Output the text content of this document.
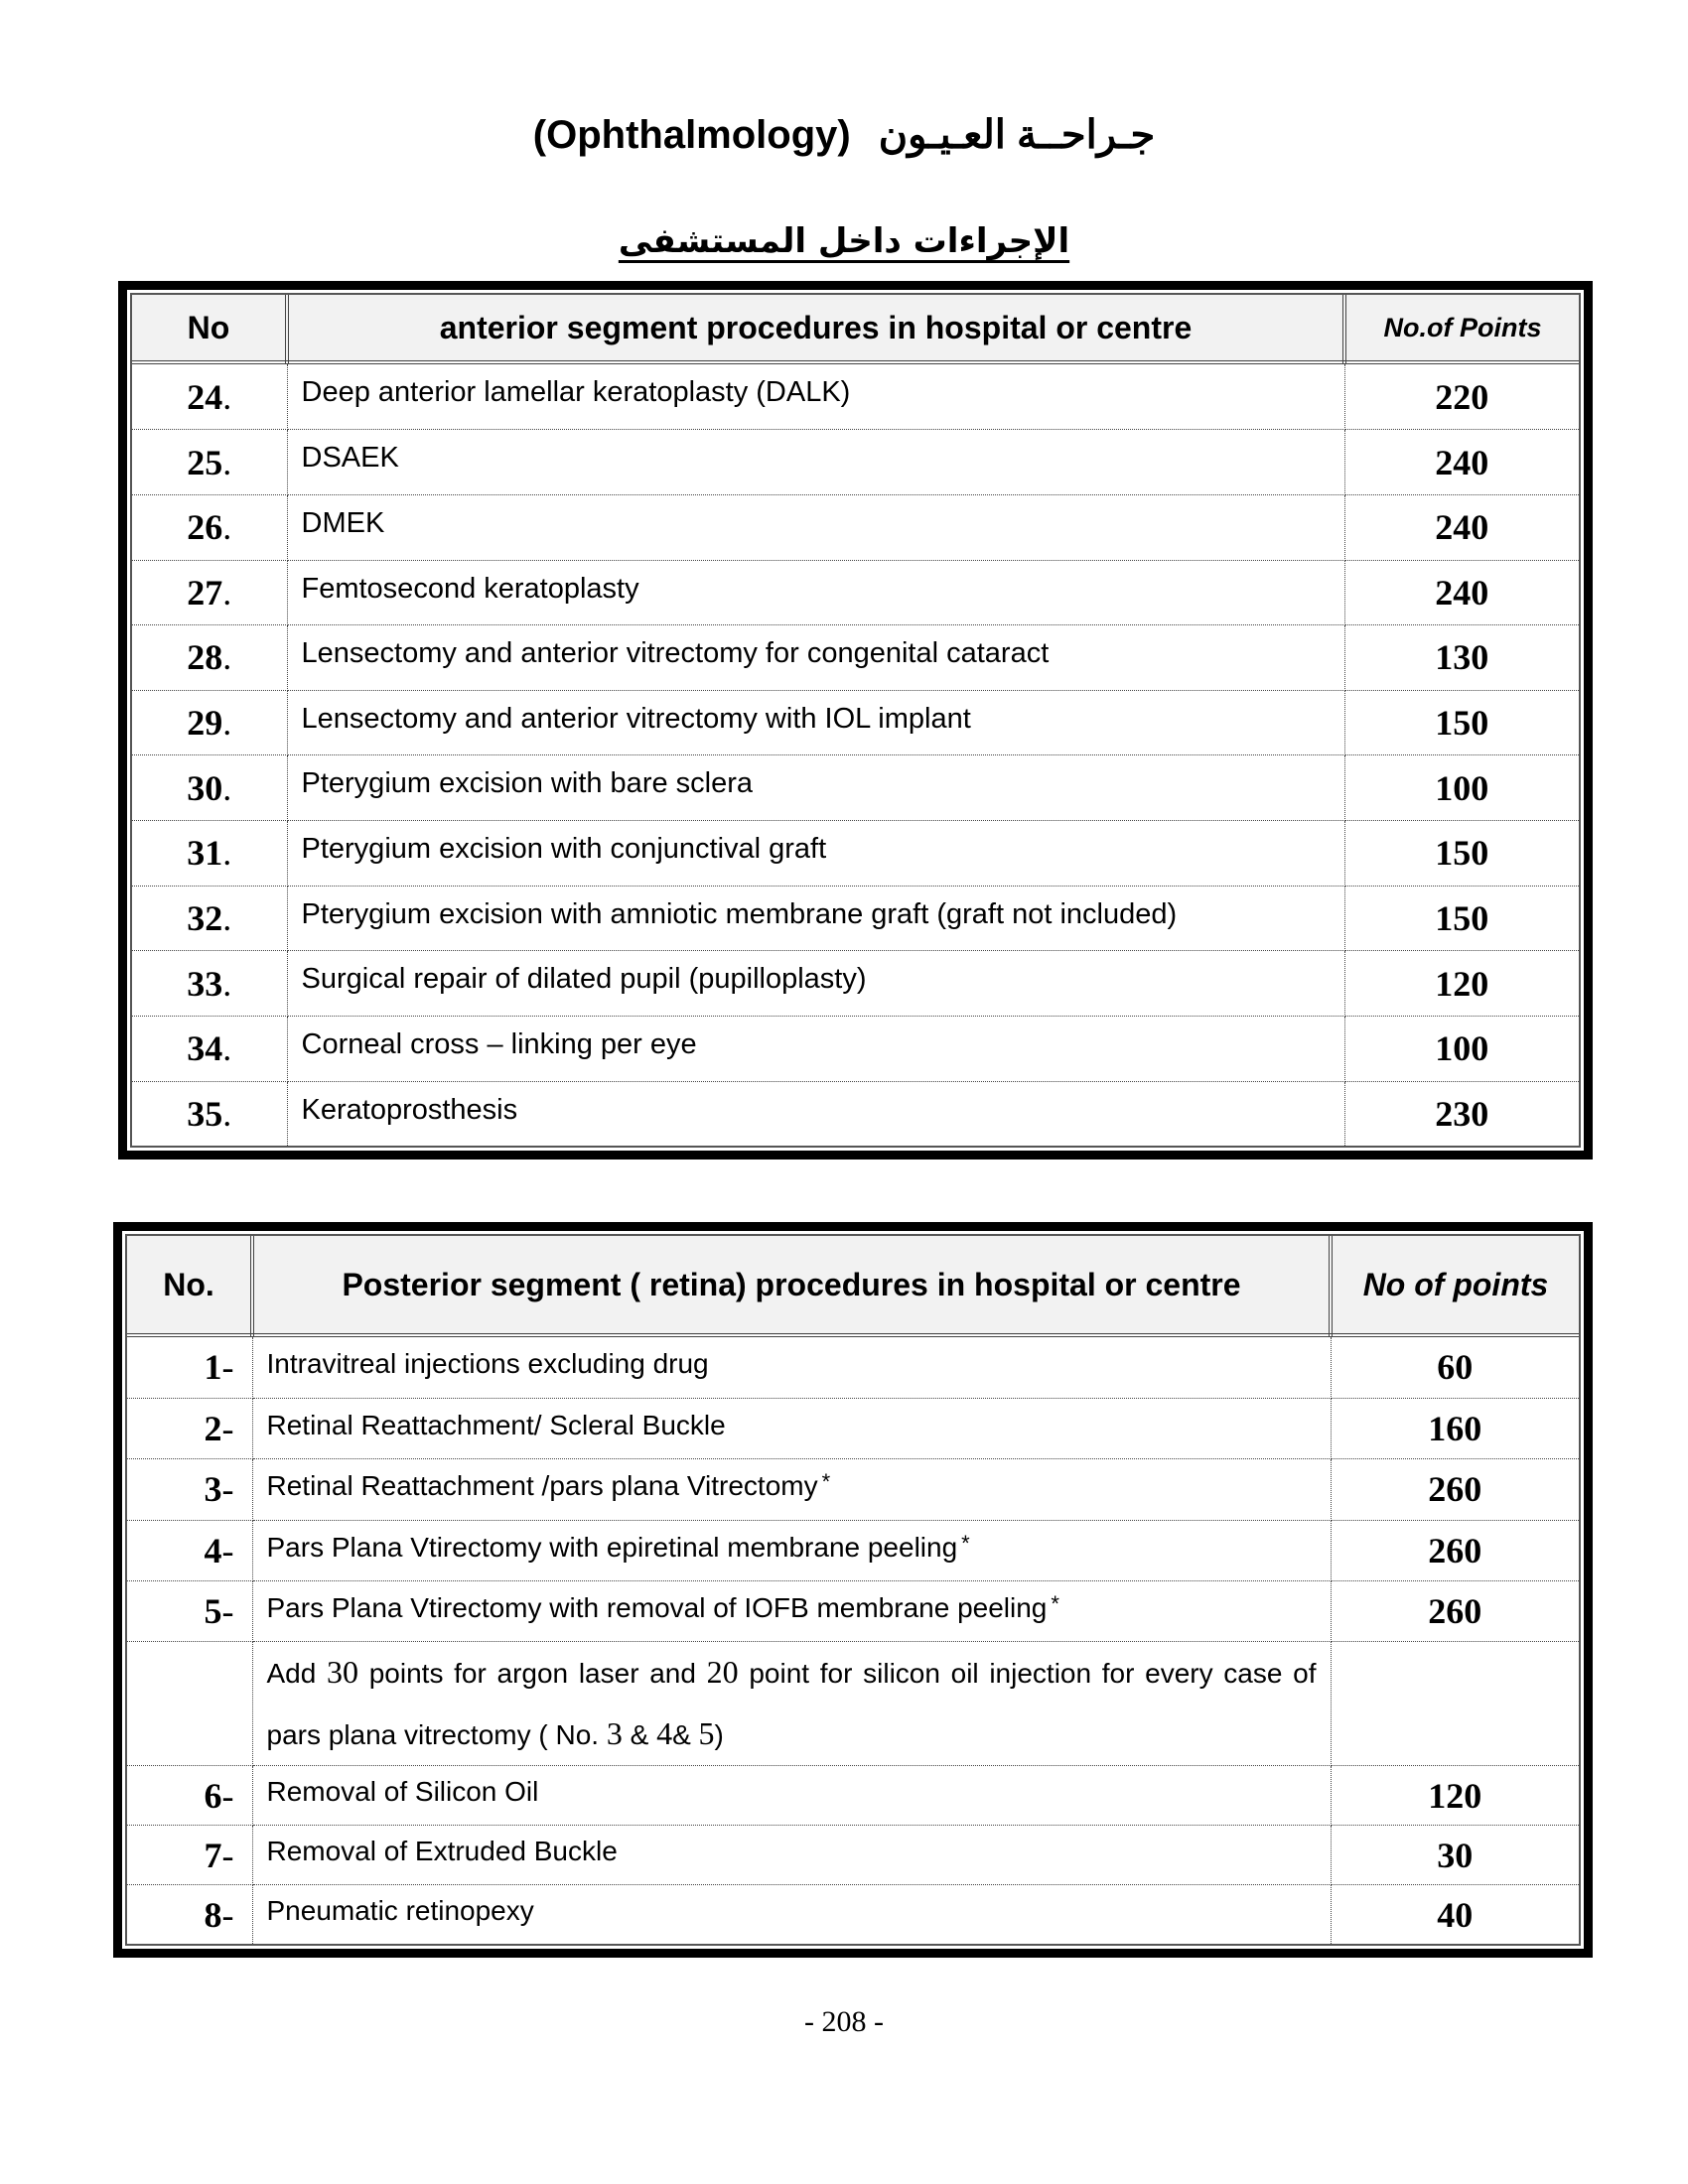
(Ophthalmology) جـراحــة العـيـون
الإجراءات داخل المستشفى
No	anterior segment procedures in hospital or centre	No.of Points
24.	Deep anterior lamellar keratoplasty (DALK)	220
25.	DSAEK	240
26.	DMEK	240
27.	Femtosecond keratoplasty	240
28.	Lensectomy and anterior vitrectomy for congenital cataract	130
29.	Lensectomy and anterior vitrectomy with IOL implant	150
30.	Pterygium excision with bare sclera	100
31.	Pterygium excision with conjunctival graft	150
32.	Pterygium excision with amniotic membrane graft (graft not included)	150
33.	Surgical repair of dilated pupil (pupilloplasty)	120
34.	Corneal cross – linking per eye	100
35.	Keratoprosthesis	230
No.	Posterior segment ( retina) procedures in hospital or centre	No of points
1-	Intravitreal injections excluding drug	60
2-	Retinal Reattachment/ Scleral Buckle	160
3-	Retinal Reattachment /pars plana Vitrectomy *	260
4-	Pars Plana Vtirectomy with epiretinal membrane peeling *	260
5-	Pars Plana Vtirectomy with removal of IOFB membrane peeling *	260
	Add 30 points for argon laser and 20 point for silicon oil injection for every case of pars plana vitrectomy ( No. 3 & 4& 5)	
6-	Removal of Silicon Oil	120
7-	Removal of Extruded Buckle	30
8-	Pneumatic retinopexy	40
- 208 -
